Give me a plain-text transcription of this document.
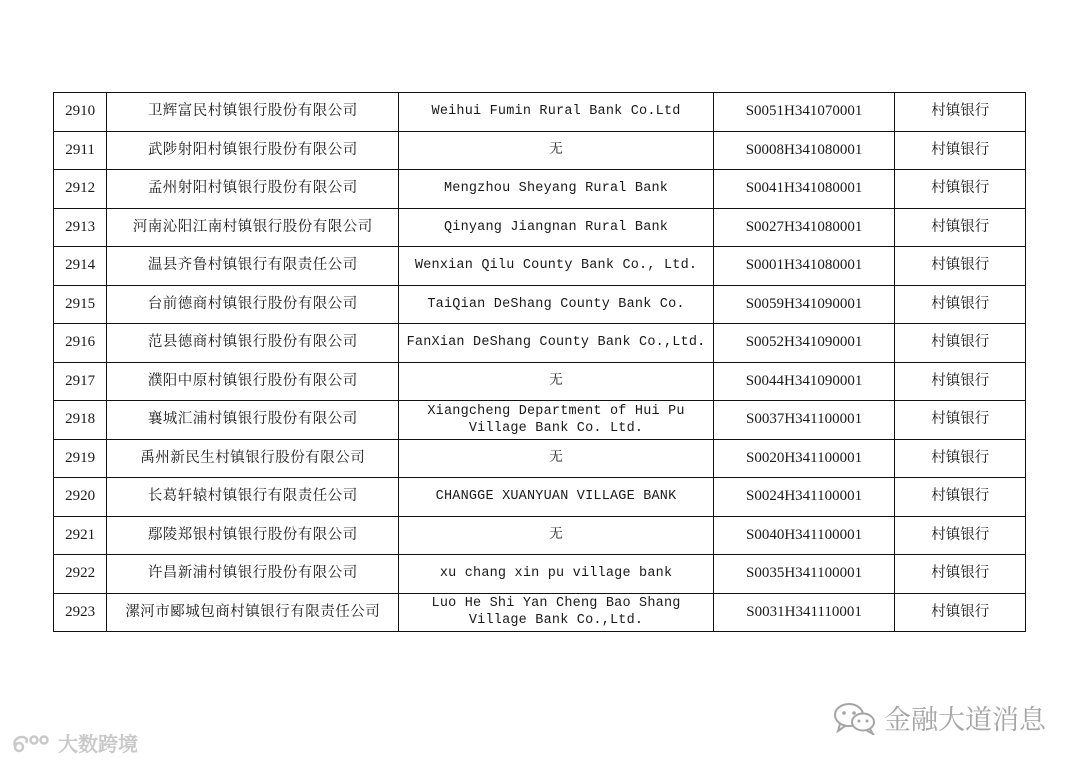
2910	卫辉富民村镇银行股份有限公司	Weihui Fumin Rural Bank Co.Ltd	S0051H341070001	村镇银行
2911	武陟射阳村镇银行股份有限公司	无	S0008H341080001	村镇银行
2912	孟州射阳村镇银行股份有限公司	Mengzhou Sheyang Rural Bank	S0041H341080001	村镇银行
2913	河南沁阳江南村镇银行股份有限公司	Qinyang Jiangnan Rural Bank	S0027H341080001	村镇银行
2914	温县齐鲁村镇银行有限责任公司	Wenxian Qilu County Bank Co., Ltd.	S0001H341080001	村镇银行
2915	台前德商村镇银行股份有限公司	TaiQian DeShang County Bank Co.	S0059H341090001	村镇银行
2916	范县德商村镇银行股份有限公司	FanXian DeShang County Bank Co.,Ltd.	S0052H341090001	村镇银行
2917	濮阳中原村镇银行股份有限公司	无	S0044H341090001	村镇银行
2918	襄城汇浦村镇银行股份有限公司	Xiangcheng Department of Hui Pu Village Bank Co. Ltd.	S0037H341100001	村镇银行
2919	禹州新民生村镇银行股份有限公司	无	S0020H341100001	村镇银行
2920	长葛轩辕村镇银行有限责任公司	CHANGGE XUANYUAN VILLAGE BANK	S0024H341100001	村镇银行
2921	鄢陵郑银村镇银行股份有限公司	无	S0040H341100001	村镇银行
2922	许昌新浦村镇银行股份有限公司	xu chang xin pu village bank	S0035H341100001	村镇银行
2923	漯河市郾城包商村镇银行有限责任公司	Luo He Shi Yan Cheng Bao Shang Village Bank Co.,Ltd.	S0031H341110001	村镇银行
大数跨境
金融大道消息
